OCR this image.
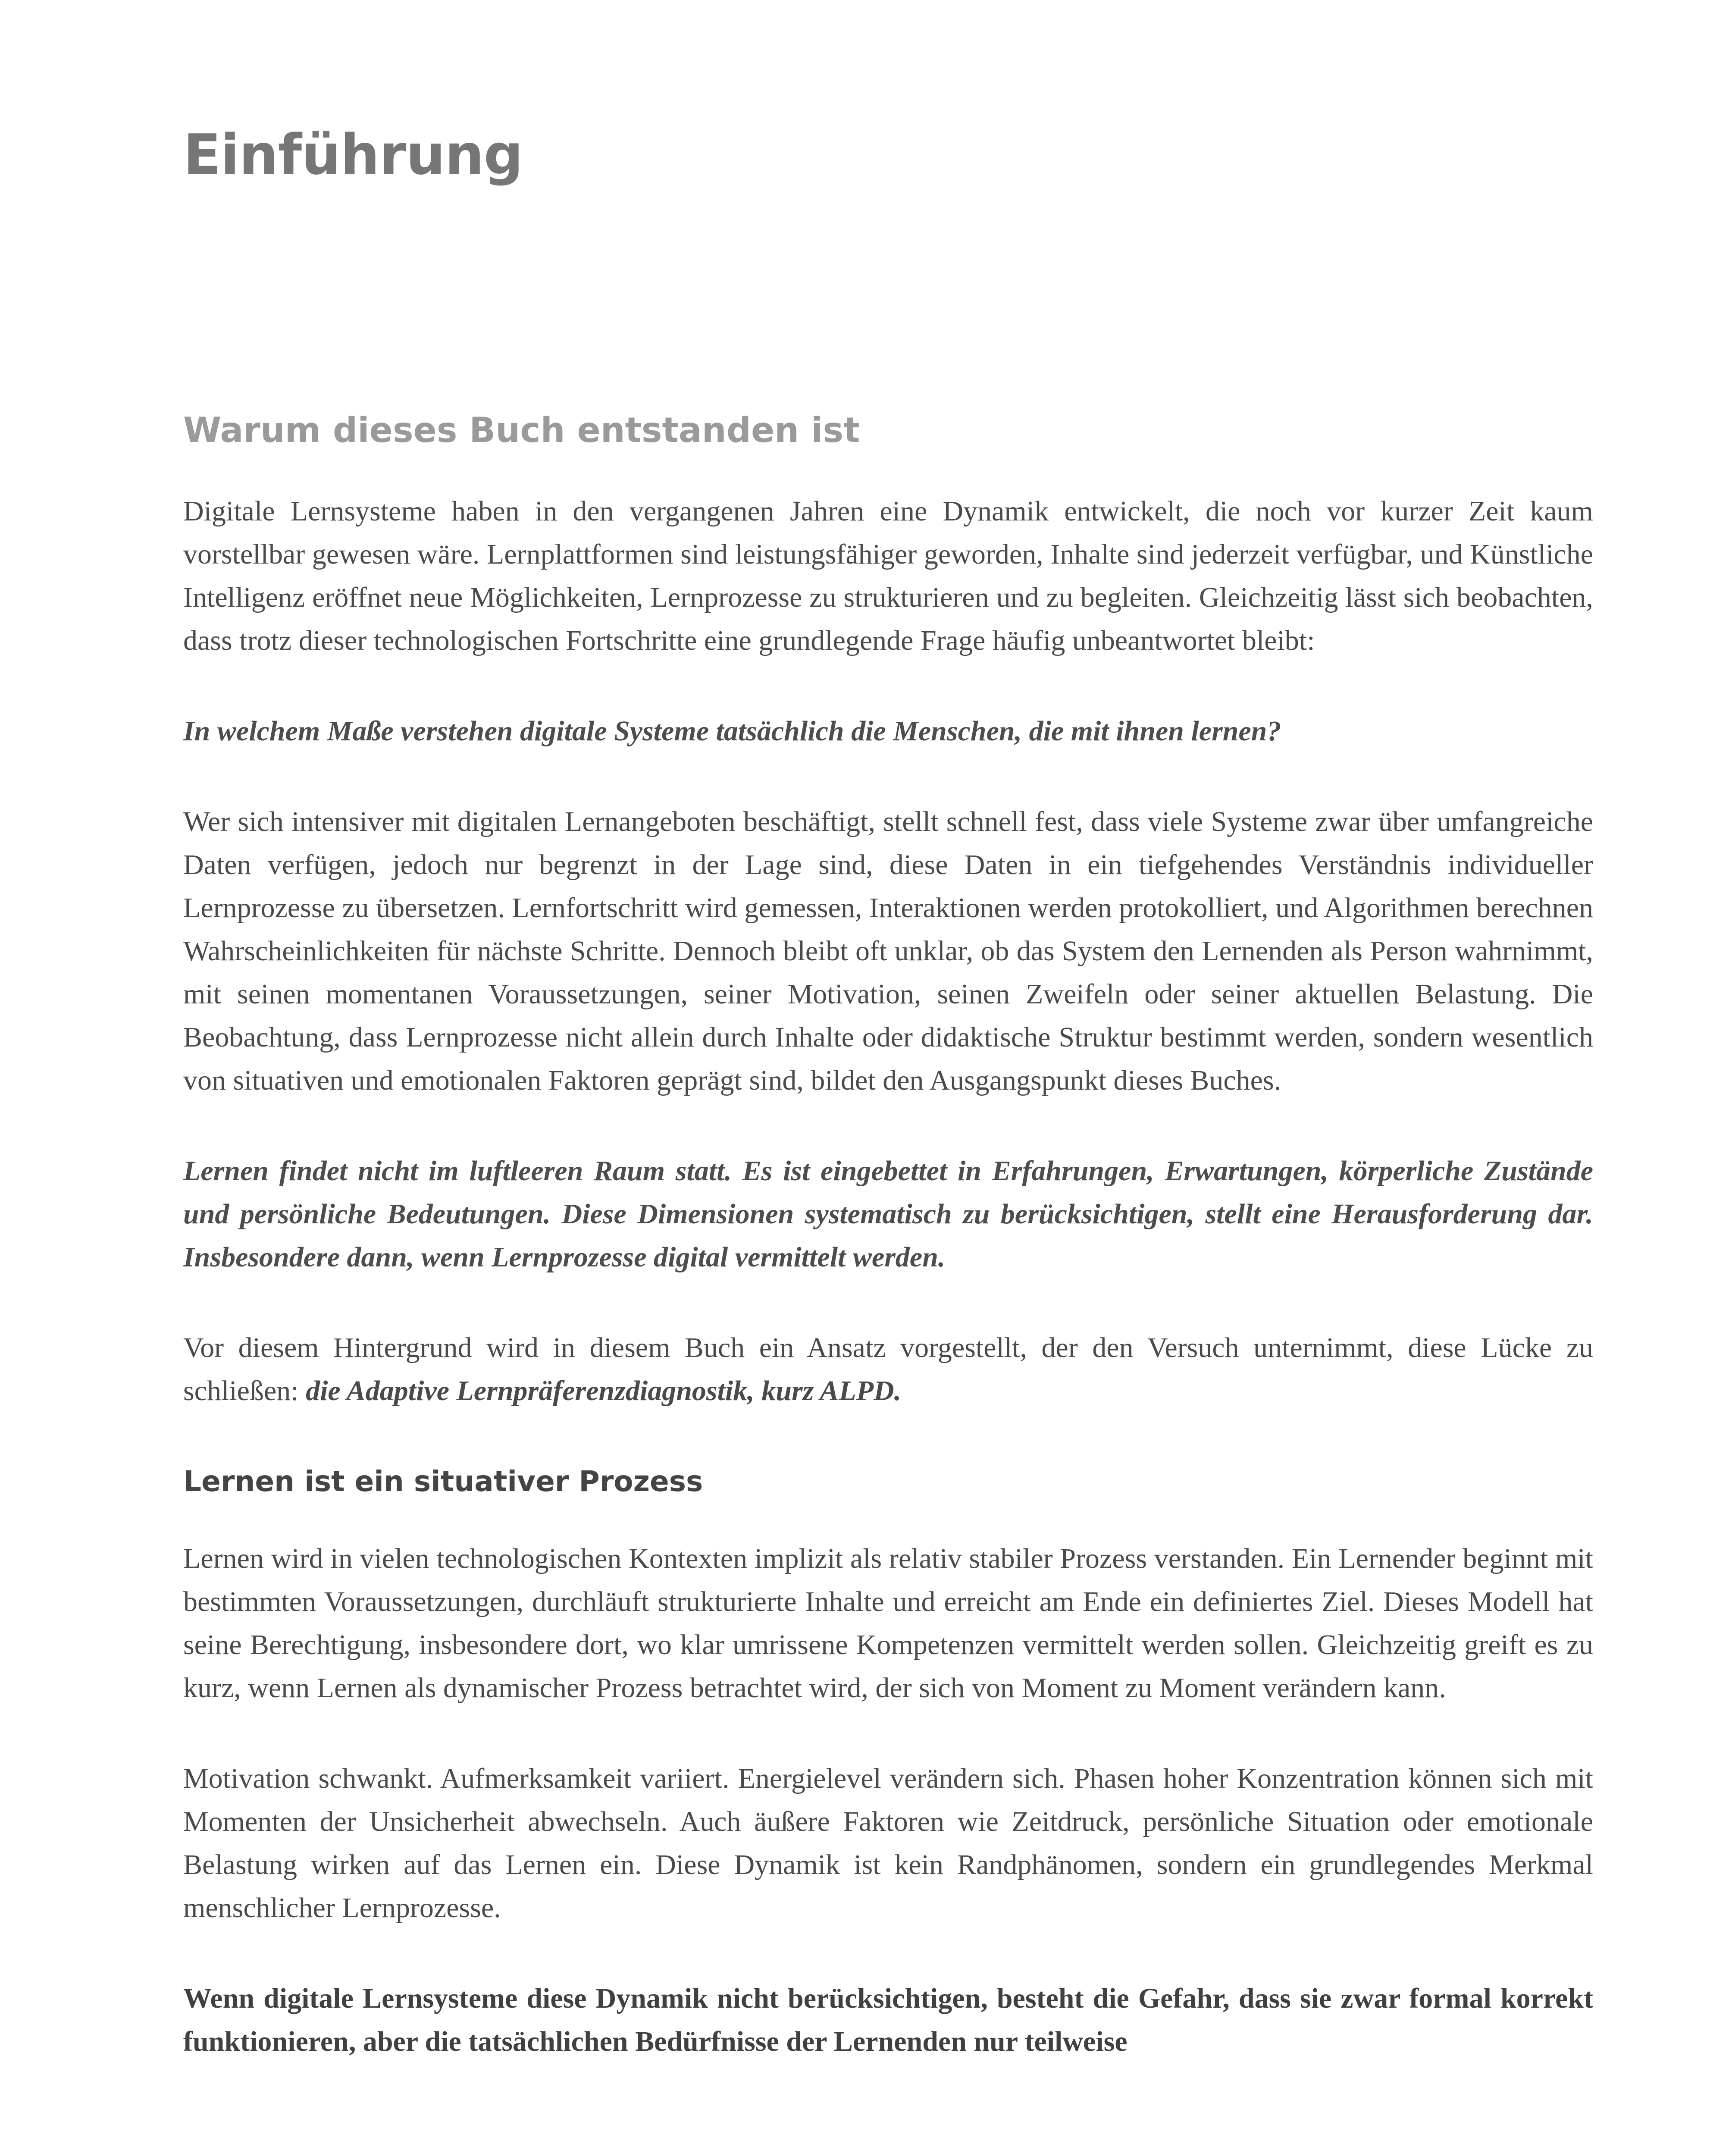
Einführung
Warum dieses Buch entstanden ist

Digitale Lernsysteme haben in den vergangenen Jahren eine Dynamik entwickelt, die noch vor kurzer Zeit kaum vorstellbar gewesen wäre. Lernplattformen sind leistungsfähiger geworden, Inhalte sind jederzeit verfügbar, und Künstliche Intelligenz eröffnet neue Möglichkeiten, Lernprozesse zu strukturieren und zu begleiten. Gleichzeitig lässt sich beobachten, dass trotz dieser technologischen Fortschritte eine grundlegende Frage häufig unbeantwortet bleibt:

In welchem Maße verstehen digitale Systeme tatsächlich die Menschen, die mit ihnen lernen?

Wer sich intensiver mit digitalen Lernangeboten beschäftigt, stellt schnell fest, dass viele Systeme zwar über umfangreiche Daten verfügen, jedoch nur begrenzt in der Lage sind, diese Daten in ein tiefgehendes Verständnis individueller Lernprozesse zu übersetzen. Lernfortschritt wird gemessen, Interaktionen werden protokolliert, und Algorithmen berechnen Wahrscheinlichkeiten für nächste Schritte. Dennoch bleibt oft unklar, ob das System den Lernenden als Person wahrnimmt, mit seinen momentanen Voraussetzungen, seiner Motivation, seinen Zweifeln oder seiner aktuellen Belastung. Die Beobachtung, dass Lernprozesse nicht allein durch Inhalte oder didaktische Struktur bestimmt werden, sondern wesentlich von situativen und emotionalen Faktoren geprägt sind, bildet den Ausgangspunkt dieses Buches.

Lernen findet nicht im luftleeren Raum statt. Es ist eingebettet in Erfahrungen, Erwartungen, körperliche Zustände und persönliche Bedeutungen. Diese Dimensionen systematisch zu berücksichtigen, stellt eine Herausforderung dar. Insbesondere dann, wenn Lernprozesse digital vermittelt werden.

Vor diesem Hintergrund wird in diesem Buch ein Ansatz vorgestellt, der den Versuch unternimmt, diese Lücke zu schließen: die Adaptive Lernpräferenzdiagnostik, kurz ALPD.

Lernen ist ein situativer Prozess

Lernen wird in vielen technologischen Kontexten implizit als relativ stabiler Prozess verstanden. Ein Lernender beginnt mit bestimmten Voraussetzungen, durchläuft strukturierte Inhalte und erreicht am Ende ein definiertes Ziel. Dieses Modell hat seine Berechtigung, insbesondere dort, wo klar umrissene Kompetenzen vermittelt werden sollen. Gleichzeitig greift es zu kurz, wenn Lernen als dynamischer Prozess betrachtet wird, der sich von Moment zu Moment verändern kann.

Motivation schwankt. Aufmerksamkeit variiert. Energielevel verändern sich. Phasen hoher Konzentration können sich mit Momenten der Unsicherheit abwechseln. Auch äußere Faktoren wie Zeitdruck, persönliche Situation oder emotionale Belastung wirken auf das Lernen ein. Diese Dynamik ist kein Randphänomen, sondern ein grundlegendes Merkmal menschlicher Lernprozesse.

Wenn digitale Lernsysteme diese Dynamik nicht berücksichtigen, besteht die Gefahr, dass sie zwar formal korrekt funktionieren, aber die tatsächlichen Bedürfnisse der Lernenden nur teilweise
